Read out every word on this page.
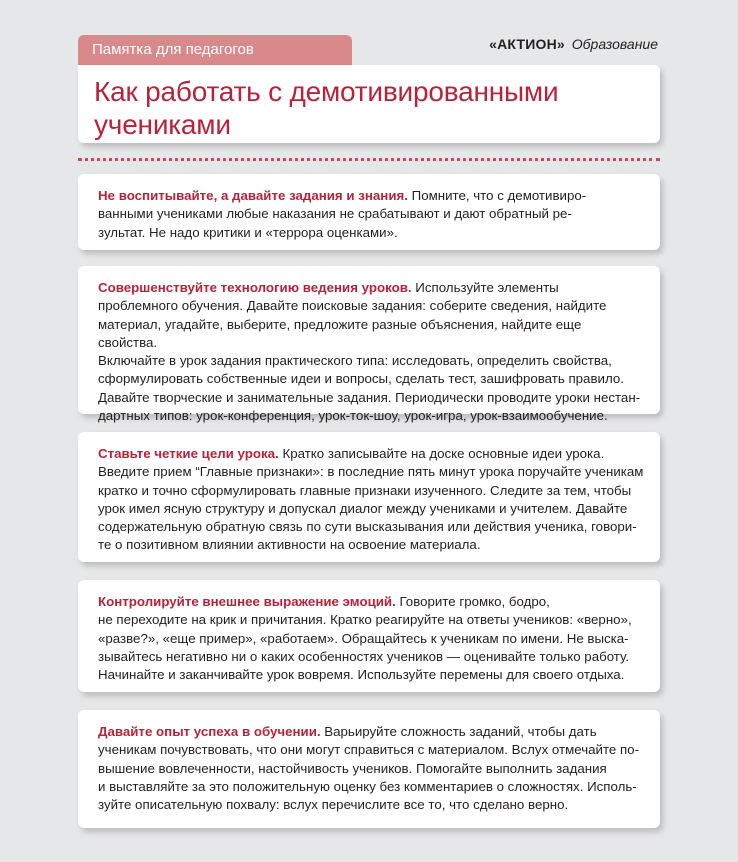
Памятка для педагогов	«АКТИОН» Образование
Как работать с демотивированными
учениками

Не воспитывайте, а давайте задания и знания. Помните, что с демотивиро-
ванными учениками любые наказания не срабатывают и дают обратный ре-
зультат. Не надо критики и «террора оценками».

Совершенствуйте технологию ведения уроков. Используйте элементы
проблемного обучения. Давайте поисковые задания: соберите сведения, найдите
материал, угадайте, выберите, предложите разные объяснения, найдите еще свойства.
Включайте в урок задания практического типа: исследовать, определить свойства,
сформулировать собственные идеи и вопросы, сделать тест, зашифровать правило.
Давайте творческие и занимательные задания. Периодически проводите уроки нестан-
дартных типов: урок-конференция, урок-ток-шоу, урок-игра, урок-взаимообучение.

Ставьте четкие цели урока. Кратко записывайте на доске основные идеи урока.
Введите прием “Главные признаки»: в последние пять минут урока поручайте ученикам
кратко и точно сформулировать главные признаки изученного. Следите за тем, чтобы
урок имел ясную структуру и допускал диалог между учениками и учителем. Давайте
содержательную обратную связь по сути высказывания или действия ученика, говори-
те о позитивном влиянии активности на освоение материала.

Контролируйте внешнее выражение эмоций. Говорите громко, бодро,
не переходите на крик и причитания. Кратко реагируйте на ответы учеников: «верно»,
«разве?», «еще пример», «работаем». Обращайтесь к ученикам по имени. Не выска-
зывайтесь негативно ни о каких особенностях учеников — оценивайте только работу.
Начинайте и заканчивайте урок вовремя. Используйте перемены для своего отдыха.

Давайте опыт успеха в обучении. Варьируйте сложность заданий, чтобы дать
ученикам почувствовать, что они могут справиться с материалом. Вслух отмечайте по-
вышение вовлеченности, настойчивость учеников. Помогайте выполнить задания
и выставляйте за это положительную оценку без комментариев о сложностях. Исполь-
зуйте описательную похвалу: вслух перечислите все то, что сделано верно.
